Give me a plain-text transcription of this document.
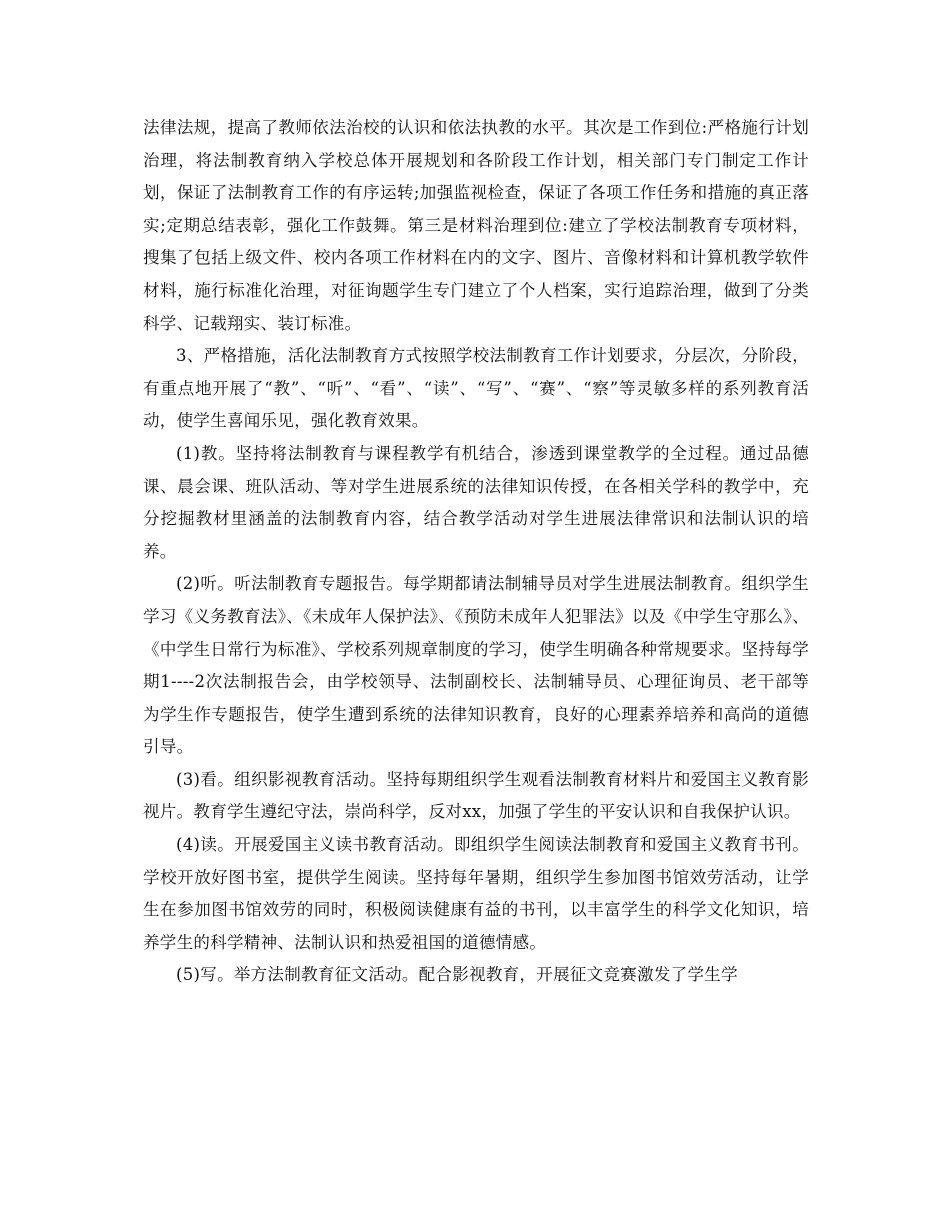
法律法规，提高了教师依法治校的认识和依法执教的水平。其次是工作到位:严格施行计划治理，将法制教育纳入学校总体开展规划和各阶段工作计划，相关部门专门制定工作计划，保证了法制教育工作的有序运转;加强监视检查，保证了各项工作任务和措施的真正落实;定期总结表彰，强化工作鼓舞。第三是材料治理到位:建立了学校法制教育专项材料，搜集了包括上级文件、校内各项工作材料在内的文字、图片、音像材料和计算机教学软件材料，施行标准化治理，对征询题学生专门建立了个人档案，实行追踪治理，做到了分类科学、记载翔实、装订标准。

3、严格措施，活化法制教育方式按照学校法制教育工作计划要求，分层次，分阶段，有重点地开展了“教”、“听”、“看”、“读”、“写”、“赛”、“察”等灵敏多样的系列教育活动，使学生喜闻乐见，强化教育效果。

(1)教。坚持将法制教育与课程教学有机结合，渗透到课堂教学的全过程。通过品德课、晨会课、班队活动、等对学生进展系统的法律知识传授，在各相关学科的教学中，充分挖掘教材里涵盖的法制教育内容，结合教学活动对学生进展法律常识和法制认识的培养。

(2)听。听法制教育专题报告。每学期都请法制辅导员对学生进展法制教育。组织学生学习《义务教育法》、《未成年人保护法》、《预防未成年人犯罪法》以及《中学生守那么》、《中学生日常行为标准》、学校系列规章制度的学习，使学生明确各种常规要求。坚持每学期1----2次法制报告会，由学校领导、法制副校长、法制辅导员、心理征询员、老干部等为学生作专题报告，使学生遭到系统的法律知识教育，良好的心理素养培养和高尚的道德引导。

(3)看。组织影视教育活动。坚持每期组织学生观看法制教育材料片和爱国主义教育影视片。教育学生遵纪守法，崇尚科学，反对xx，加强了学生的平安认识和自我保护认识。

(4)读。开展爱国主义读书教育活动。即组织学生阅读法制教育和爱国主义教育书刊。学校开放好图书室，提供学生阅读。坚持每年暑期，组织学生参加图书馆效劳活动，让学生在参加图书馆效劳的同时，积极阅读健康有益的书刊，以丰富学生的科学文化知识，培养学生的科学精神、法制认识和热爱祖国的道德情感。

(5)写。举方法制教育征文活动。配合影视教育，开展征文竞赛激发了学生学
